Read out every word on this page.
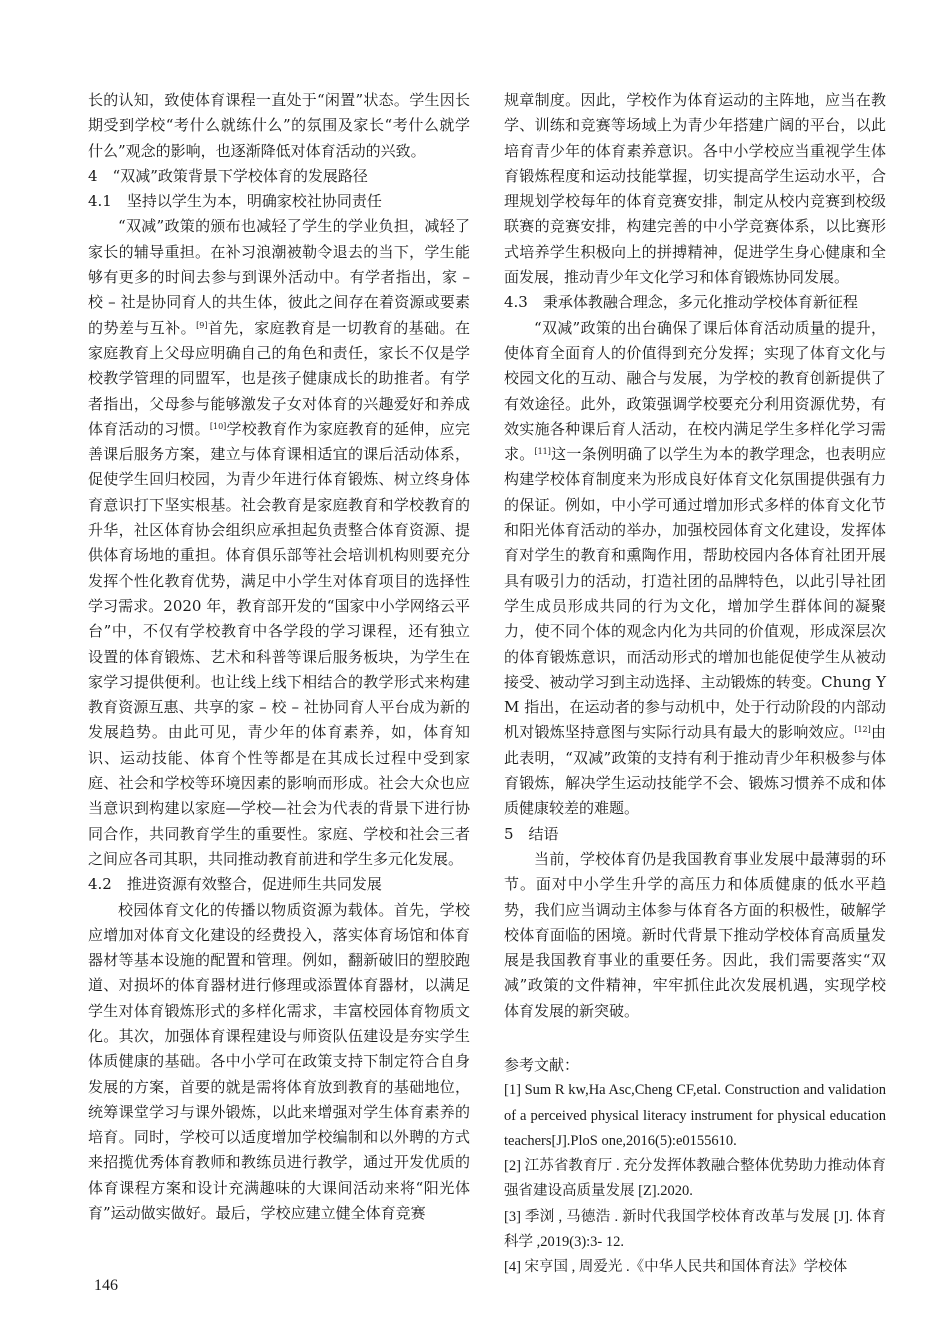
长的认知，致使体育课程一直处于“闲置”状态。学生因长期受到学校“考什么就练什么”的氛围及家长“考什么就学什么”观念的影响，也逐渐降低对体育活动的兴致。

4　“双减”政策背景下学校体育的发展路径

4.1　坚持以学生为本，明确家校社协同责任

“双减”政策的颁布也减轻了学生的学业负担，减轻了家长的辅导重担。在补习浪潮被勒令退去的当下，学生能够有更多的时间去参与到课外活动中。有学者指出，家 – 校 – 社是协同育人的共生体，彼此之间存在着资源或要素的势差与互补。[9]首先，家庭教育是一切教育的基础。在家庭教育上父母应明确自己的角色和责任，家长不仅是学校教学管理的同盟军，也是孩子健康成长的助推者。有学者指出，父母参与能够激发子女对体育的兴趣爱好和养成体育活动的习惯。[10]学校教育作为家庭教育的延伸，应完善课后服务方案，建立与体育课相适宜的课后活动体系，促使学生回归校园，为青少年进行体育锻炼、树立终身体育意识打下坚实根基。社会教育是家庭教育和学校教育的升华，社区体育协会组织应承担起负责整合体育资源、提供体育场地的重担。体育俱乐部等社会培训机构则要充分发挥个性化教育优势，满足中小学生对体育项目的选择性学习需求。2020 年，教育部开发的“国家中小学网络云平台”中，不仅有学校教育中各学段的学习课程，还有独立设置的体育锻炼、艺术和科普等课后服务板块，为学生在家学习提供便利。也让线上线下相结合的教学形式来构建教育资源互惠、共享的家 – 校 – 社协同育人平台成为新的发展趋势。由此可见，青少年的体育素养，如，体育知识、运动技能、体育个性等都是在其成长过程中受到家庭、社会和学校等环境因素的影响而形成。社会大众也应当意识到构建以家庭—学校—社会为代表的背景下进行协同合作，共同教育学生的重要性。家庭、学校和社会三者之间应各司其职，共同推动教育前进和学生多元化发展。

4.2　推进资源有效整合，促进师生共同发展

校园体育文化的传播以物质资源为载体。首先，学校应增加对体育文化建设的经费投入，落实体育场馆和体育器材等基本设施的配置和管理。例如，翻新破旧的塑胶跑道、对损坏的体育器材进行修理或添置体育器材，以满足学生对体育锻炼形式的多样化需求，丰富校园体育物质文化。其次，加强体育课程建设与师资队伍建设是夯实学生体质健康的基础。各中小学可在政策支持下制定符合自身发展的方案，首要的就是需将体育放到教育的基础地位，统筹课堂学习与课外锻炼，以此来增强对学生体育素养的培育。同时，学校可以适度增加学校编制和以外聘的方式来招揽优秀体育教师和教练员进行教学，通过开发优质的体育课程方案和设计充满趣味的大课间活动来将“阳光体育”运动做实做好。最后，学校应建立健全体育竞赛

规章制度。因此，学校作为体育运动的主阵地，应当在教学、训练和竞赛等场域上为青少年搭建广阔的平台，以此培育青少年的体育素养意识。各中小学校应当重视学生体育锻炼程度和运动技能掌握，切实提高学生运动水平，合理规划学校每年的体育竞赛安排，制定从校内竞赛到校级联赛的竞赛安排，构建完善的中小学竞赛体系，以比赛形式培养学生积极向上的拼搏精神，促进学生身心健康和全面发展，推动青少年文化学习和体育锻炼协同发展。

4.3　秉承体教融合理念，多元化推动学校体育新征程

“双减”政策的出台确保了课后体育活动质量的提升，使体育全面育人的价值得到充分发挥；实现了体育文化与校园文化的互动、融合与发展，为学校的教育创新提供了有效途径。此外，政策强调学校要充分利用资源优势，有效实施各种课后育人活动，在校内满足学生多样化学习需求。[11]这一条例明确了以学生为本的教学理念，也表明应构建学校体育制度来为形成良好体育文化氛围提供强有力的保证。例如，中小学可通过增加形式多样的体育文化节和阳光体育活动的举办，加强校园体育文化建设，发挥体育对学生的教育和熏陶作用，帮助校园内各体育社团开展具有吸引力的活动，打造社团的品牌特色，以此引导社团学生成员形成共同的行为文化，增加学生群体间的凝聚力，使不同个体的观念内化为共同的价值观，形成深层次的体育锻炼意识，而活动形式的增加也能促使学生从被动接受、被动学习到主动选择、主动锻炼的转变。Chung Y M 指出，在运动者的参与动机中，处于行动阶段的内部动机对锻炼坚持意图与实际行动具有最大的影响效应。[12]由此表明，“双减”政策的支持有利于推动青少年积极参与体育锻炼，解决学生运动技能学不会、锻炼习惯养不成和体质健康较差的难题。

5　结语

当前，学校体育仍是我国教育事业发展中最薄弱的环节。面对中小学生升学的高压力和体质健康的低水平趋势，我们应当调动主体参与体育各方面的积极性，破解学校体育面临的困境。新时代背景下推动学校体育高质量发展是我国教育事业的重要任务。因此，我们需要落实“双减”政策的文件精神，牢牢抓住此次发展机遇，实现学校体育发展的新突破。

参考文献：

[1] Sum R kw,Ha Asc,Cheng CF,etal. Construction and validation of a perceived physical literacy instrument for physical education teachers[J].PloS one,2016(5):e0155610.

[2] 江苏省教育厅 . 充分发挥体教融合整体优势助力推动体育强省建设高质量发展 [Z].2020.

[3] 季浏 , 马德浩 . 新时代我国学校体育改革与发展 [J]. 体育科学 ,2019(3):3- 12.

[4] 宋亨国 , 周爱光 .《中华人民共和国体育法》学校体

146
